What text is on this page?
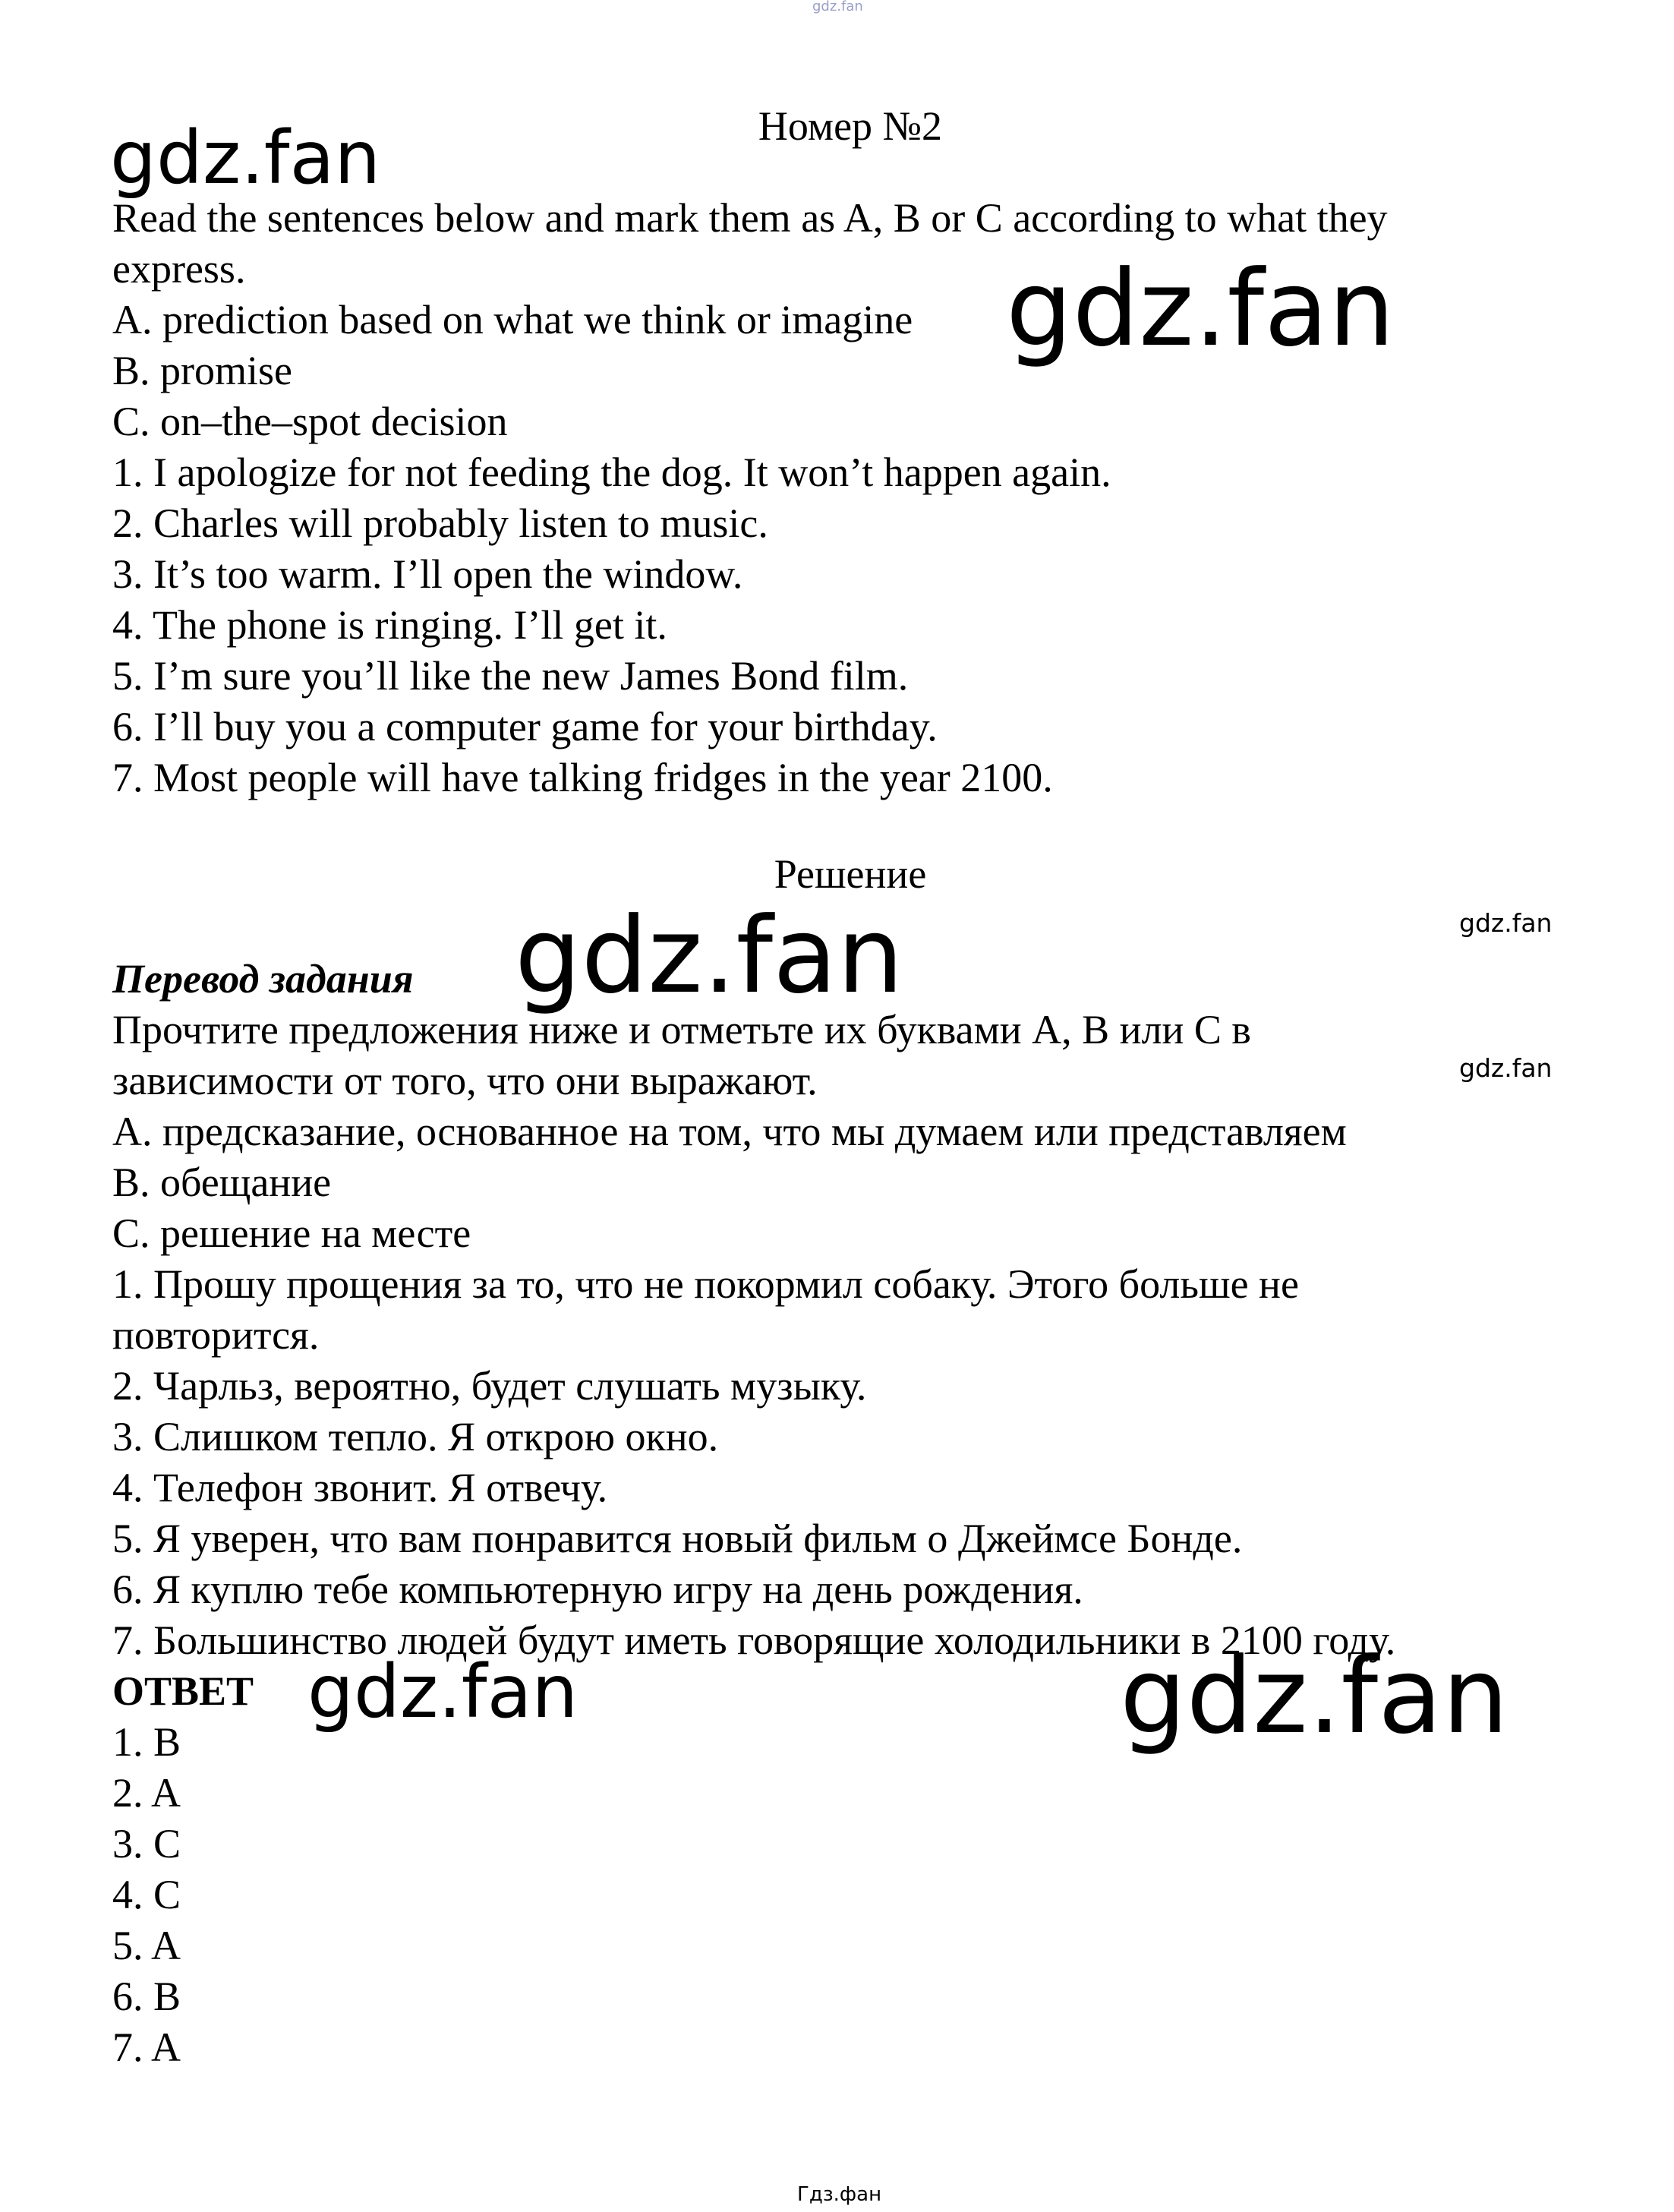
gdz.fan
Номер №2
gdz.fan
Read the sentences below and mark them as A, B or C according to what they
express.
A. prediction based on what we think or imagine gdz.fan
B. promise
C. on–the–spot decision
1. I apologize for not feeding the dog. It won’t happen again.
2. Charles will probably listen to music.
3. It’s too warm. I’ll open the window.
4. The phone is ringing. I’ll get it.
5. I’m sure you’ll like the new James Bond film.
6. I’ll buy you a computer game for your birthday.
7. Most people will have talking fridges in the year 2100.
Решение
gdz.fan
gdz.fan
Перевод задания
Прочтите предложения ниже и отметьте их буквами A, B или C в
gdz.fan
зависимости от того, что они выражают.
A. предсказание, основанное на том, что мы думаем или представляем
B. обещание
C. решение на месте
1. Прошу прощения за то, что не покормил собаку. Этого больше не
повторится.
2. Чарльз, вероятно, будет слушать музыку.
3. Слишком тепло. Я открою окно.
4. Телефон звонит. Я отвечу.
5. Я уверен, что вам понравится новый фильм о Джеймсе Бонде.
6. Я куплю тебе компьютерную игру на день рождения.
7. Большинство людей будут иметь говорящие холодильники в 2100 году.
ОТВЕТ gdz.fan	gdz.fan
1. B
2. A
3. C
4. C
5. A
6. B
7. A
Гдз.фан
